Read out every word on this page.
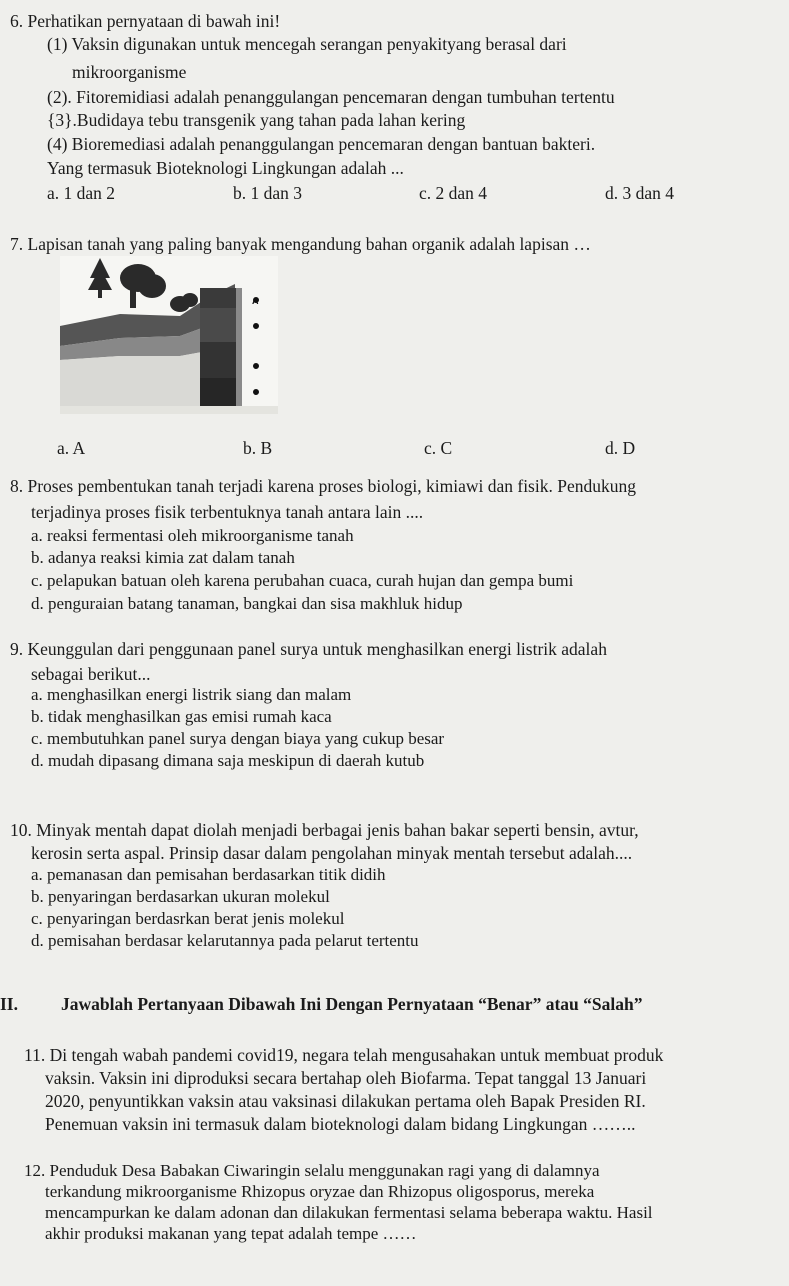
6. Perhatikan pernyataan di bawah ini!
(1) Vaksin digunakan untuk mencegah serangan penyakityang berasal dari
mikroorganisme
(2). Fitoremidiasi adalah penanggulangan pencemaran dengan tumbuhan tertentu
{3}.Budidaya tebu transgenik yang tahan pada lahan kering
(4) Bioremediasi adalah penanggulangan pencemaran dengan bantuan bakteri.
Yang termasuk Bioteknologi Lingkungan adalah ...
a. 1 dan 2	b. 1 dan 3	c. 2 dan 4	d. 3 dan 4
7. Lapisan tanah yang paling banyak mengandung bahan organik adalah lapisan …
A
a. A	b. B	c. C	d. D
8. Proses pembentukan tanah terjadi karena proses biologi, kimiawi dan fisik. Pendukung
terjadinya proses fisik terbentuknya tanah antara lain ....
a. reaksi fermentasi oleh mikroorganisme tanah
b. adanya reaksi kimia zat dalam tanah
c. pelapukan batuan oleh karena perubahan cuaca, curah hujan dan gempa bumi
d. penguraian batang tanaman, bangkai dan sisa makhluk hidup
9. Keunggulan dari penggunaan panel surya untuk menghasilkan energi listrik adalah
sebagai berikut...
a. menghasilkan energi listrik siang dan malam
b. tidak menghasilkan gas emisi rumah kaca
c. membutuhkan panel surya dengan biaya yang cukup besar
d. mudah dipasang dimana saja meskipun di daerah kutub
10. Minyak mentah dapat diolah menjadi berbagai jenis bahan bakar seperti bensin, avtur,
kerosin serta aspal. Prinsip dasar dalam pengolahan minyak mentah tersebut adalah....
a. pemanasan dan pemisahan berdasarkan titik didih
b. penyaringan berdasarkan ukuran molekul
c. penyaringan berdasrkan berat jenis molekul
d. pemisahan berdasar kelarutannya pada pelarut tertentu
II. Jawablah Pertanyaan Dibawah Ini Dengan Pernyataan “Benar” atau “Salah”
11. Di tengah wabah pandemi covid19, negara telah mengusahakan untuk membuat produk
vaksin. Vaksin ini diproduksi secara bertahap oleh Biofarma. Tepat tanggal 13 Januari
2020, penyuntikkan vaksin atau vaksinasi dilakukan pertama oleh Bapak Presiden RI.
Penemuan vaksin ini termasuk dalam bioteknologi dalam bidang Lingkungan ……..
12. Penduduk Desa Babakan Ciwaringin selalu menggunakan ragi yang di dalamnya
terkandung mikroorganisme Rhizopus oryzae dan Rhizopus oligosporus, mereka
mencampurkan ke dalam adonan dan dilakukan fermentasi selama beberapa waktu. Hasil
akhir produksi makanan yang tepat adalah tempe ……
